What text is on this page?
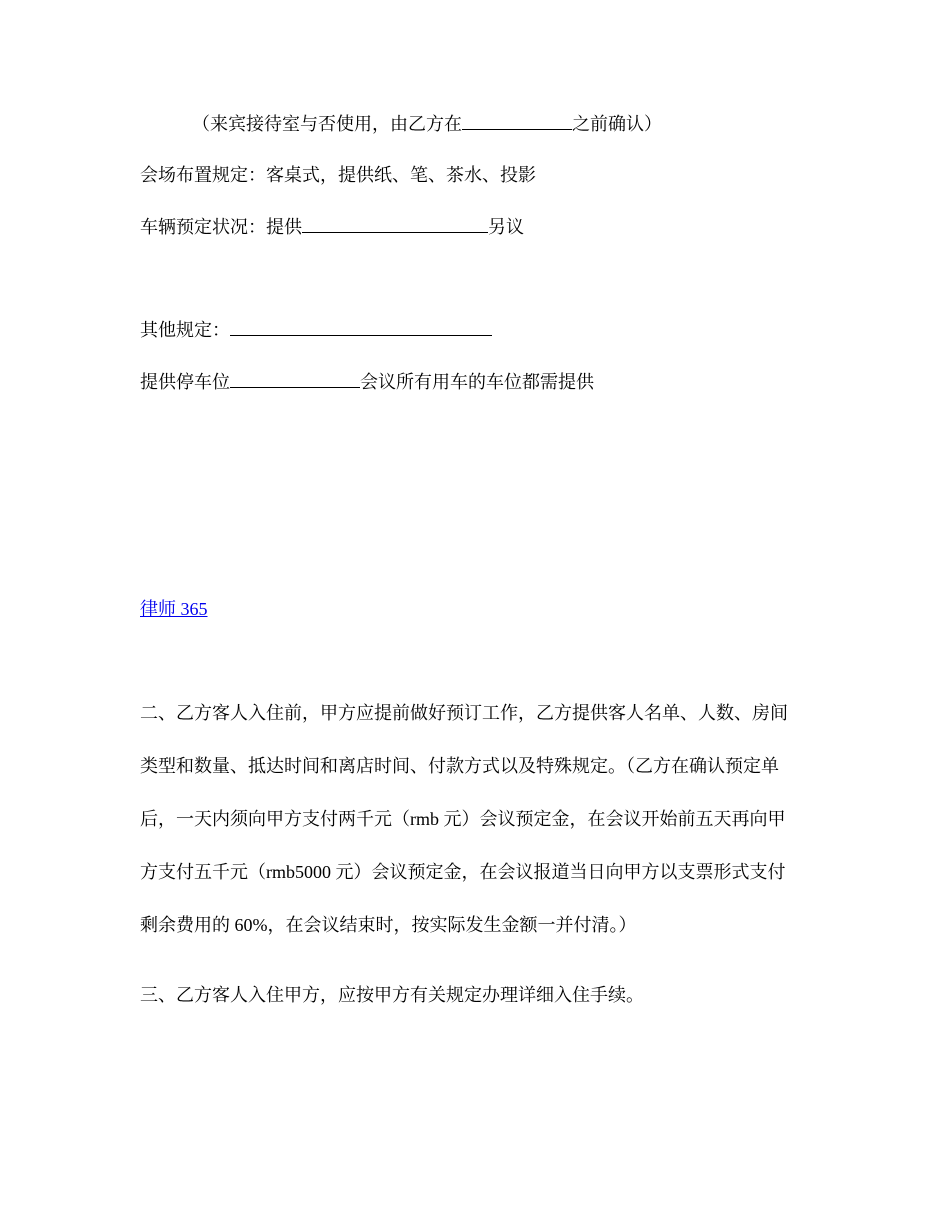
（来宾接待室与否使用，由乙方在	之前确认）
会场布置规定：客桌式，提供纸、笔、茶水、投影
车辆预定状况：提供	另议
其他规定：
提供停车位	会议所有用车的车位都需提供
律师 365
二、乙方客人入住前，甲方应提前做好预订工作，乙方提供客人名单、人数、房间
类型和数量、抵达时间和离店时间、付款方式以及特殊规定。（乙方在确认预定单
后，一天内须向甲方支付两千元（rmb 元）会议预定金，在会议开始前五天再向甲
方支付五千元（rmb5000 元）会议预定金，在会议报道当日向甲方以支票形式支付
剩余费用的 60%，在会议结束时，按实际发生金额一并付清。）
三、乙方客人入住甲方，应按甲方有关规定办理详细入住手续。
